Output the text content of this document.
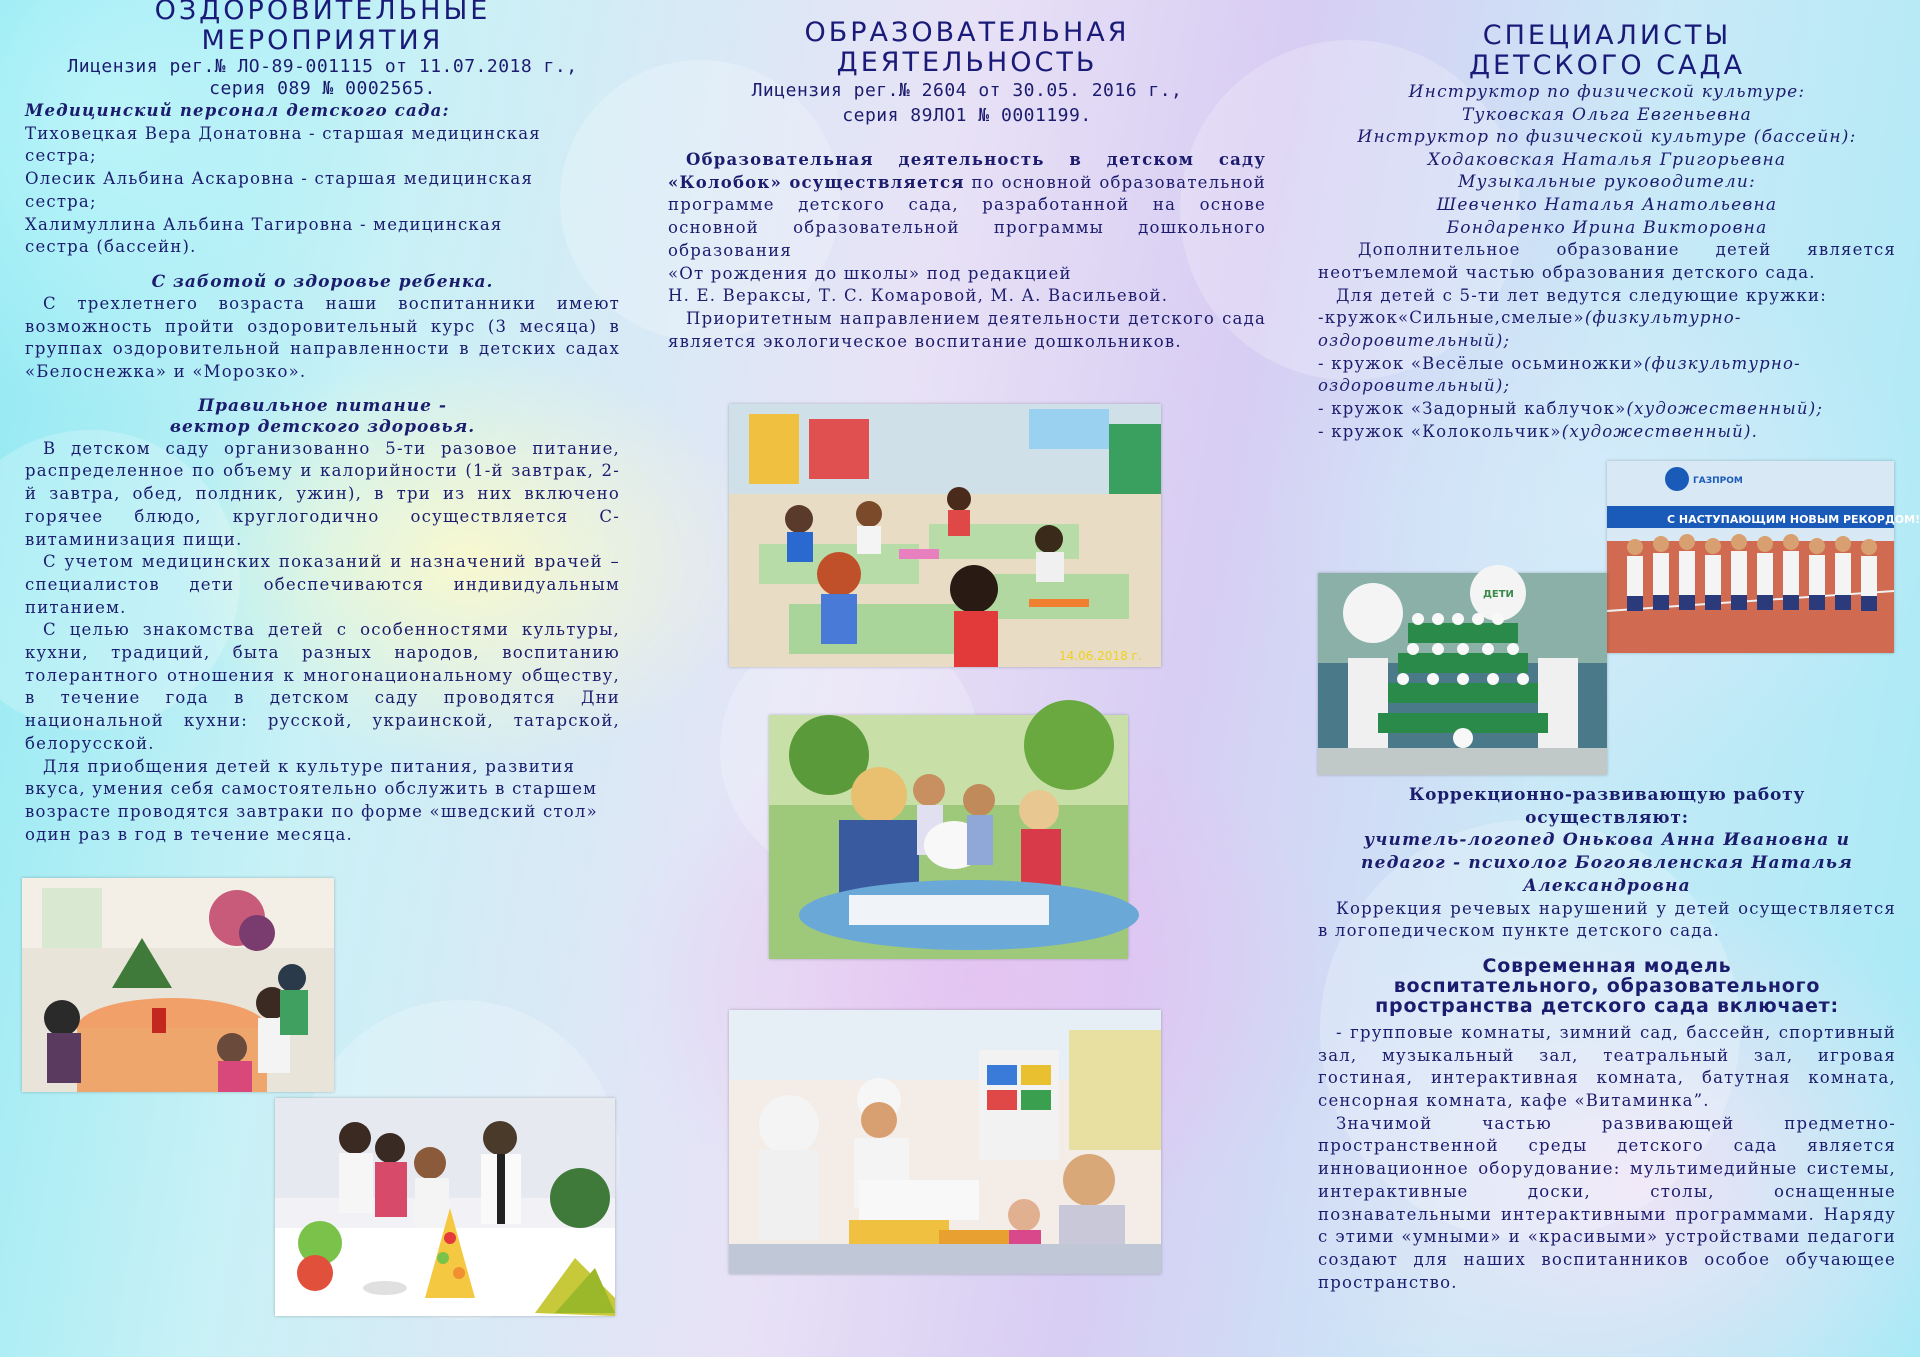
ОЗДОРОВИТЕЛЬНЫЕ
МЕРОПРИЯТИЯ
Лицензия рег.№ ЛО-89-001115 от 11.07.2018 г.,
серия 089 № 0002565.

Медицинский персонал детского сада:

Тиховецкая Вера Донатовна - старшая медицинская сестра;

Олесик Альбина Аскаровна - старшая медицинская сестра;

Халимуллина Альбина Тагировна - медицинская сестра (бассейн).

С заботой о здоровье ребенка.

С трехлетнего возраста наши воспитанники имеют возможность пройти оздоровительный курс (3 месяца) в группах оздоровительной направленности в детских садах «Белоснежка» и «Морозко».

Правильное питание -
вектор детского здоровья.

В детском саду организованно 5-ти разовое питание, распределенное по объему и калорийности (1-й завтрак, 2-й завтра, обед, полдник, ужин), в три из них включено горячее блюдо, круглогодично осуществляется С-витаминизация пищи.

С учетом медицинских показаний и назначений врачей – специалистов дети обеспечиваются индивидуальным питанием.

С целью знакомства детей с особенностями культуры, кухни, традиций, быта разных народов, воспитанию толерантного отношения к многонациональному обществу, в течение года в детском саду проводятся Дни национальной кухни: русской, украинской, татарской, белорусской.

Для приобщения детей к культуре питания, развития вкуса, умения себя самостоятельно обслужить в старшем возрасте проводятся завтраки по форме «шведский стол» один раз в год в течение месяца.

ОБРАЗОВАТЕЛЬНАЯ
ДЕЯТЕЛЬНОСТЬ
Лицензия рег.№ 2604 от 30.05. 2016 г.,
серия 89ЛО1 № 0001199.

Образовательная деятельность в детском саду «Колобок» осуществляется по основной образовательной программе детского сада, разработанной на основе основной образовательной программы дошкольного образования

«От рождения до школы» под редакцией

Н. Е. Вераксы, Т. С. Комаровой, М. А. Васильевой.

Приоритетным направлением деятельности детского сада является экологическое воспитание дошкольников.

14.06.2018 г.
СПЕЦИАЛИСТЫ
ДЕТСКОГО САДА

Инструктор по физической культуре:

Туковская Ольга Евгеньевна

Инструктор по физической культуре (бассейн):

Ходаковская Наталья Григорьевна

Музыкальные руководители:

Шевченко Наталья Анатольевна

Бондаренко Ирина Викторовна

Дополнительное образование детей является неотъемлемой частью образования детского сада.

Для детей с 5-ти лет ведутся следующие кружки:

-кружок«Сильные,смелые»(физкультурно-оздоровительный);

- кружок «Весёлые осьминожки»(физкультурно-оздоровительный);

- кружок «Задорный каблучок»(художественный);

- кружок «Колокольчик»(художественный).

С НАСТУПАЮЩИМ НОВЫМ РЕКОРДОМ!
ГАЗПРОМ
ДЕТИ
Коррекционно-развивающую работу
осуществляют:
учитель-логопед Онькова Анна Ивановна и
педагог - психолог Богоявленская Наталья
Александровна

Коррекция речевых нарушений у детей осуществляется в логопедическом пункте детского сада.

Современная модель
воспитательного, образовательного
пространства детского сада включает:

- групповые комнаты, зимний сад, бассейн, спортивный зал, музыкальный зал, театральный зал, игровая гостиная, интерактивная комната, батутная комната, сенсорная комната, кафе «Витаминка”.

Значимой частью развивающей предметно-пространственной среды детского сада является инновационное оборудование: мультимедийные системы, интерактивные доски, столы, оснащенные познавательными интерактивными программами. Наряду с этими «умными» и «красивыми» устройствами педагоги создают для наших воспитанников особое обучающее пространство.
